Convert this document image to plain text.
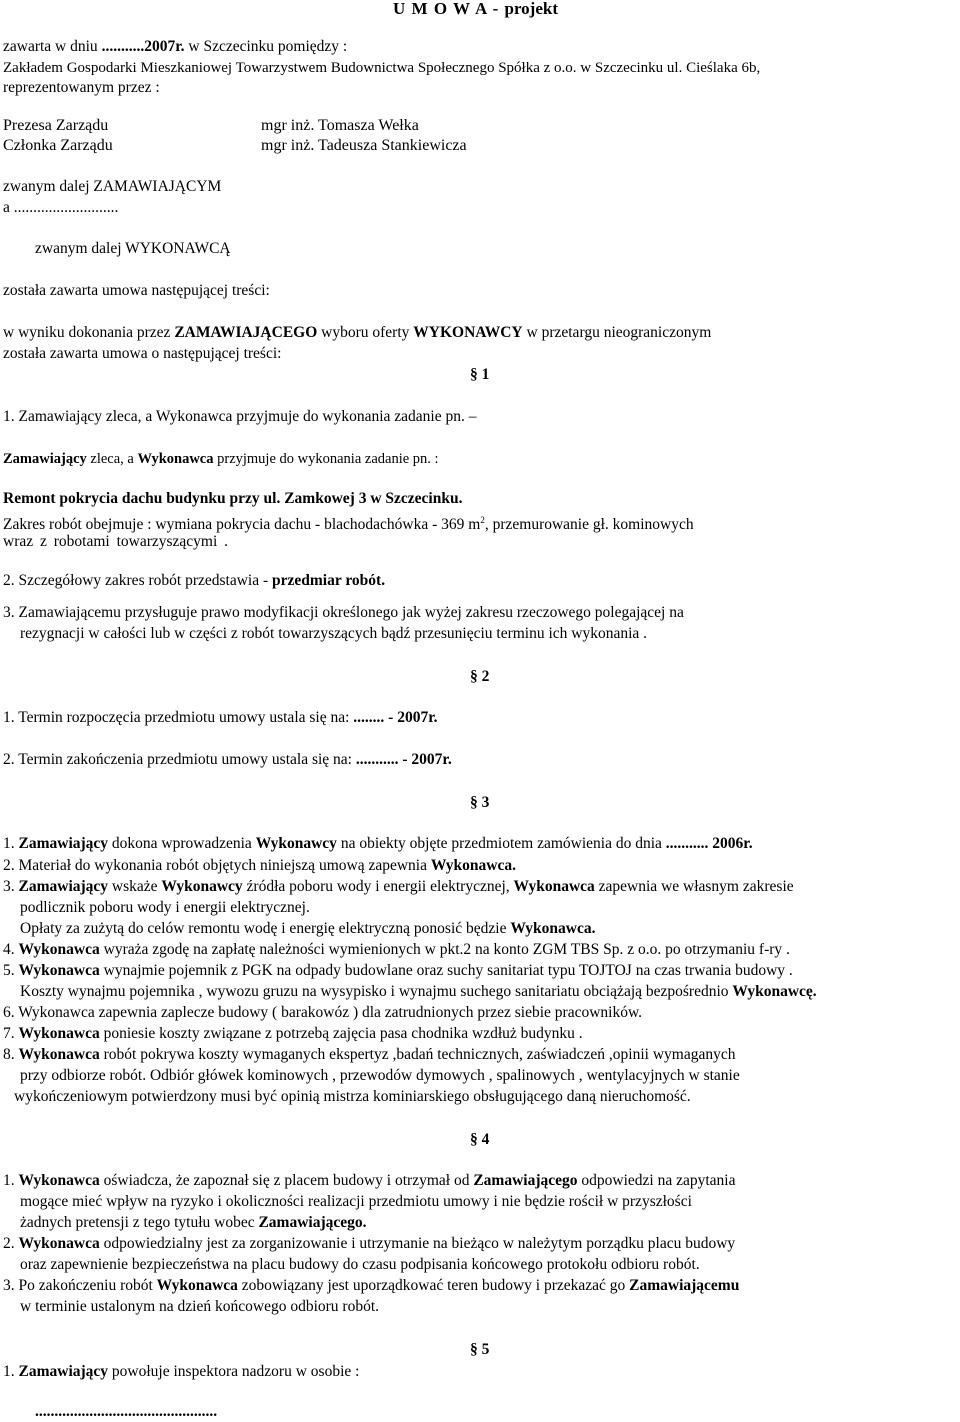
U M O W A - projekt
zawarta w dniu ...........2007r. w Szczecinku pomiędzy :
Zakładem Gospodarki Mieszkaniowej Towarzystwem Budownictwa Społecznego Spółka z o.o. w Szczecinku ul. Cieślaka 6b,
reprezentowanym przez :
Prezesa Zarządu	mgr inż. Tomasza Wełka
Członka Zarządu	mgr inż. Tadeusza Stankiewicza
zwanym dalej ZAMAWIAJĄCYM
a ...........................
zwanym dalej WYKONAWCĄ
została zawarta umowa następującej treści:
w wyniku dokonania przez ZAMAWIAJĄCEGO wyboru oferty WYKONAWCY w przetargu nieograniczonym
została zawarta umowa o następującej treści:
§ 1
1. Zamawiający zleca, a Wykonawca przyjmuje do wykonania zadanie pn. –
Zamawiający zleca, a Wykonawca przyjmuje do wykonania zadanie pn. :
Remont pokrycia dachu budynku przy ul. Zamkowej 3 w Szczecinku.
Zakres robót obejmuje : wymiana pokrycia dachu - blachodachówka - 369 $m^2$, przemurowanie gł. kominowych
wraz z robotami towarzyszącymi .
2. Szczegółowy zakres robót przedstawia - przedmiar robót.
3. Zamawiającemu przysługuje prawo modyfikacji określonego jak wyżej zakresu rzeczowego polegającej na
rezygnacji w całości lub w części z robót towarzyszących bądź przesunięciu terminu ich wykonania .
§ 2
1. Termin rozpoczęcia przedmiotu umowy ustala się na: ........ - 2007r.
2. Termin zakończenia przedmiotu umowy ustala się na: ........... - 2007r.
§ 3
1. Zamawiający dokona wprowadzenia Wykonawcy na obiekty objęte przedmiotem zamówienia do dnia ........... 2006r.
2. Materiał do wykonania robót objętych niniejszą umową zapewnia Wykonawca.
3. Zamawiający wskaże Wykonawcy źródła poboru wody i energii elektrycznej, Wykonawca zapewnia we własnym zakresie
podlicznik poboru wody i energii elektrycznej.
Opłaty za zużytą do celów remontu wodę i energię elektryczną ponosić będzie Wykonawca.
4. Wykonawca wyraża zgodę na zapłatę należności wymienionych w pkt.2 na konto ZGM TBS Sp. z o.o. po otrzymaniu f-ry .
5. Wykonawca wynajmie pojemnik z PGK na odpady budowlane oraz suchy sanitariat typu TOJTOJ na czas trwania budowy .
Koszty wynajmu pojemnika , wywozu gruzu na wysypisko i wynajmu suchego sanitariatu obciążają bezpośrednio Wykonawcę.
6. Wykonawca zapewnia zaplecze budowy ( barakowóz ) dla zatrudnionych przez siebie pracowników.
7. Wykonawca poniesie koszty związane z potrzebą zajęcia pasa chodnika wzdłuż budynku .
8. Wykonawca robót pokrywa koszty wymaganych ekspertyz ,badań technicznych, zaświadczeń ,opinii wymaganych
przy odbiorze robót. Odbiór główek kominowych , przewodów dymowych , spalinowych , wentylacyjnych w stanie
wykończeniowym potwierdzony musi być opinią mistrza kominiarskiego obsługującego daną nieruchomość.
§ 4
1. Wykonawca oświadcza, że zapoznał się z placem budowy i otrzymał od Zamawiającego odpowiedzi na zapytania
mogące mieć wpływ na ryzyko i okoliczności realizacji przedmiotu umowy i nie będzie rościł w przyszłości
żadnych pretensji z tego tytułu wobec Zamawiającego.
2. Wykonawca odpowiedzialny jest za zorganizowanie i utrzymanie na bieżąco w należytym porządku placu budowy
oraz zapewnienie bezpieczeństwa na placu budowy do czasu podpisania końcowego protokołu odbioru robót.
3. Po zakończeniu robót Wykonawca zobowiązany jest uporządkować teren budowy i przekazać go Zamawiającemu
w terminie ustalonym na dzień końcowego odbioru robót.
§ 5
1. Zamawiający powołuje inspektora nadzoru w osobie :
...............................................
